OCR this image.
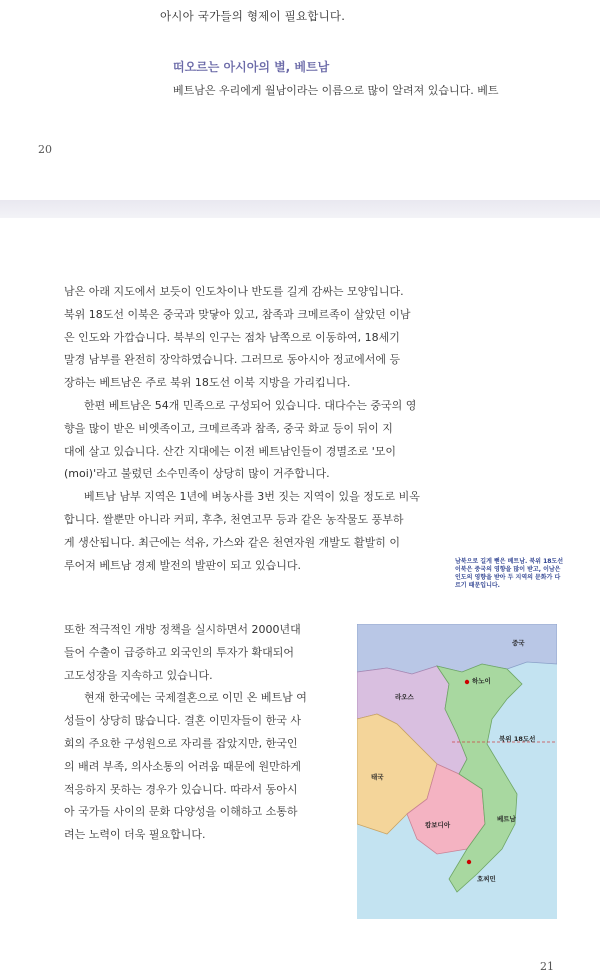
아시아 국가들의 형제이 필요합니다.
떠오르는 아시아의 별, 베트남
베트남은 우리에게 월남이라는 이름으로 많이 알려져 있습니다. 베트
20

남은 아래 지도에서 보듯이 인도차이나 반도를 길게 감싸는 모양입니다.
북위 18도선 이북은 중국과 맞닿아 있고, 참족과 크메르족이 살았던 이남
은 인도와 가깝습니다. 북부의 인구는 점차 남쪽으로 이동하여, 18세기
말경 남부를 완전히 장악하였습니다. 그러므로 동아시아 정교에서에 등
장하는 베트남은 주로 북위 18도선 이북 지방을 가리킵니다.

한편 베트남은 54개 민족으로 구성되어 있습니다. 대다수는 중국의 영
향을 많이 받은 비엣족이고, 크메르족과 참족, 중국 화교 등이 뒤이 지
대에 살고 있습니다. 산간 지대에는 이전 베트남인들이 경멸조로 '모이
(moi)'라고 불렀던 소수민족이 상당히 많이 거주합니다.

베트남 남부 지역은 1년에 벼농사를 3번 짓는 지역이 있을 정도로 비옥
합니다. 쌀뿐만 아니라 커피, 후추, 천연고무 등과 같은 농작물도 풍부하
게 생산됩니다. 최근에는 석유, 가스와 같은 천연자원 개발도 활발히 이
루어져 베트남 경제 발전의 발판이 되고 있습니다.

또한 적극적인 개방 정책을 실시하면서 2000년대
들어 수출이 급증하고 외국인의 투자가 확대되어
고도성장을 지속하고 있습니다.

현재 한국에는 국제결혼으로 이민 온 베트남 여
성들이 상당히 많습니다. 결혼 이민자들이 한국 사
회의 주요한 구성원으로 자리를 잡았지만, 한국인
의 배려 부족, 의사소통의 어려움 때문에 원만하게
적응하지 못하는 경우가 있습니다. 따라서 동아시
아 국가들 사이의 문화 다양성을 이해하고 소통하
려는 노력이 더욱 필요합니다.

남북으로 길게 뻗은 베트남. 북위 18도선 이북은 중국의 영향을 많이 받고, 이남은 인도의 영향을 받아 두 지역의 문화가 다르기 때문입니다.
중국
하노이
라오스
태국
북위 18도선
캄보디아
호찌민
베트남
21
